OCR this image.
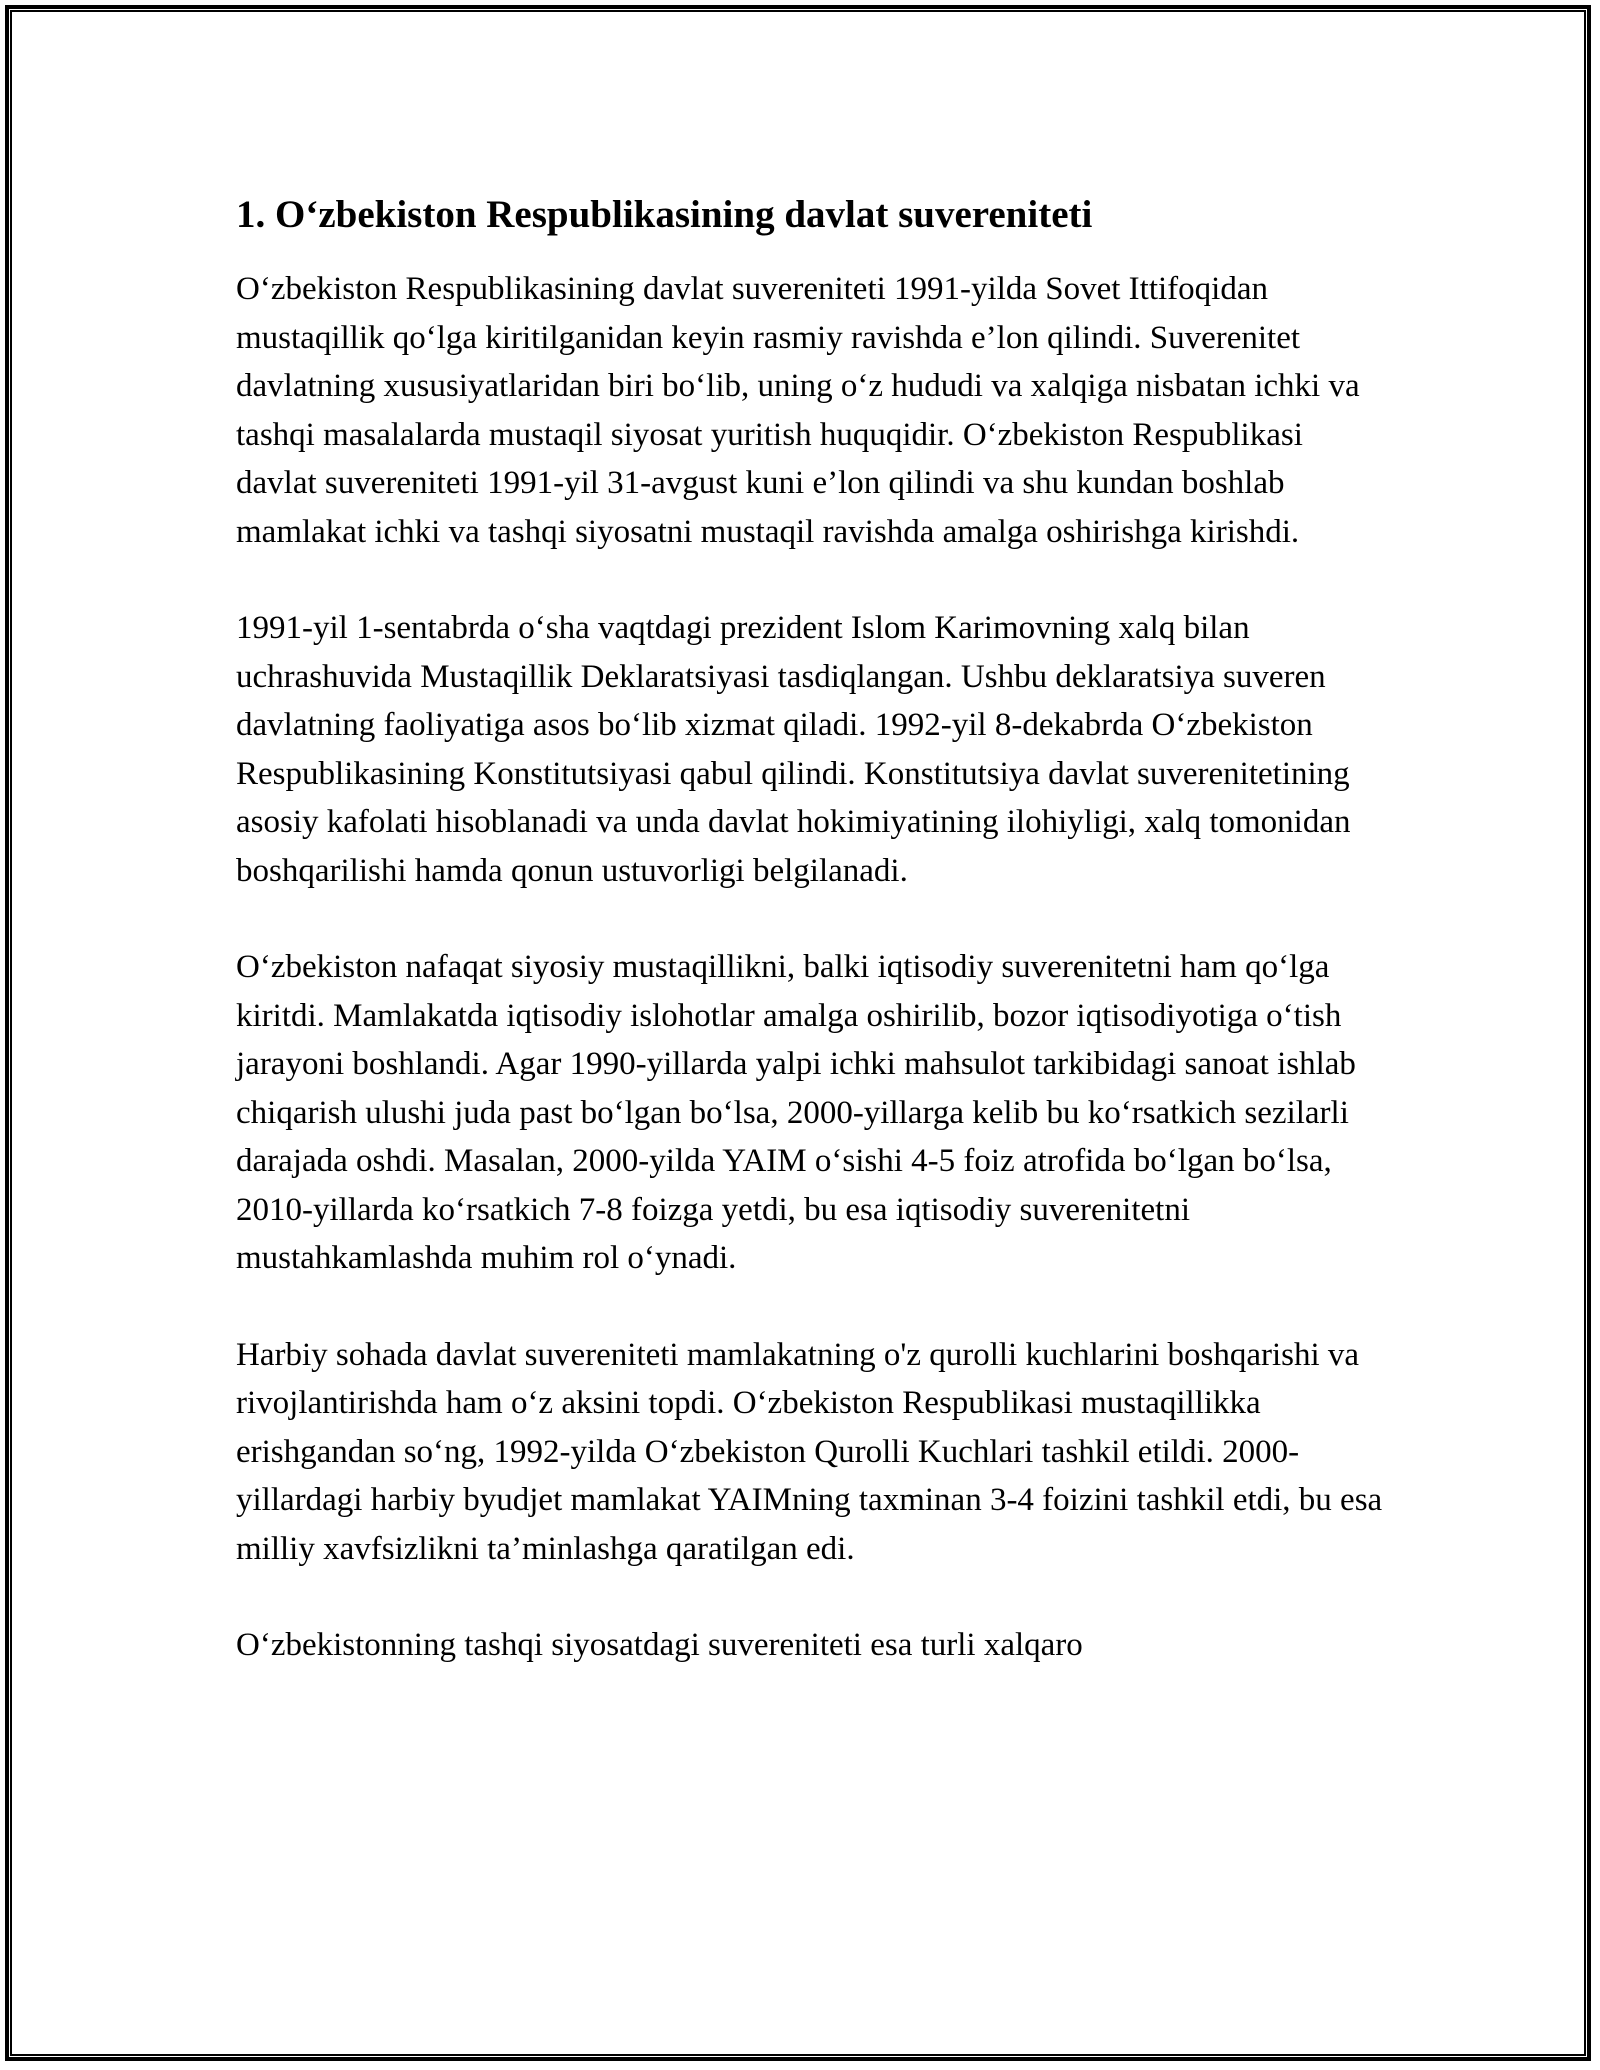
1. O‘zbekiston Respublikasining davlat suvereniteti

O‘zbekiston Respublikasining davlat suvereniteti 1991-yilda Sovet Ittifoqidan mustaqillik qo‘lga kiritilganidan keyin rasmiy ravishda e’lon qilindi. Suverenitet davlatning xususiyatlaridan biri bo‘lib, uning o‘z hududi va xalqiga nisbatan ichki va tashqi masalalarda mustaqil siyosat yuritish huquqidir. O‘zbekiston Respublikasi davlat suvereniteti 1991-yil 31-avgust kuni e’lon qilindi va shu kundan boshlab mamlakat ichki va tashqi siyosatni mustaqil ravishda amalga oshirishga kirishdi.

1991-yil 1-sentabrda o‘sha vaqtdagi prezident Islom Karimovning xalq bilan uchrashuvida Mustaqillik Deklaratsiyasi tasdiqlangan. Ushbu deklaratsiya suveren davlatning faoliyatiga asos bo‘lib xizmat qiladi. 1992-yil 8-dekabrda O‘zbekiston Respublikasining Konstitutsiyasi qabul qilindi. Konstitutsiya davlat suverenitetining asosiy kafolati hisoblanadi va unda davlat hokimiyatining ilohiyligi, xalq tomonidan boshqarilishi hamda qonun ustuvorligi belgilanadi.

O‘zbekiston nafaqat siyosiy mustaqillikni, balki iqtisodiy suverenitetni ham qo‘lga kiritdi. Mamlakatda iqtisodiy islohotlar amalga oshirilib, bozor iqtisodiyotiga o‘tish jarayoni boshlandi. Agar 1990-yillarda yalpi ichki mahsulot tarkibidagi sanoat ishlab chiqarish ulushi juda past bo‘lgan bo‘lsa, 2000-yillarga kelib bu ko‘rsatkich sezilarli darajada oshdi. Masalan, 2000-yilda YAIM o‘sishi 4-5 foiz atrofida bo‘lgan bo‘lsa, 2010-yillarda ko‘rsatkich 7-8 foizga yetdi, bu esa iqtisodiy suverenitetni mustahkamlashda muhim rol o‘ynadi.

Harbiy sohada davlat suvereniteti mamlakatning o'z qurolli kuchlarini boshqarishi va rivojlantirishda ham o‘z aksini topdi. O‘zbekiston Respublikasi mustaqillikka erishgandan so‘ng, 1992-yilda O‘zbekiston Qurolli Kuchlari tashkil etildi. 2000-yillardagi harbiy byudjet mamlakat YAIMning taxminan 3-4 foizini tashkil etdi, bu esa milliy xavfsizlikni ta’minlashga qaratilgan edi.

O‘zbekistonning tashqi siyosatdagi suvereniteti esa turli xalqaro
